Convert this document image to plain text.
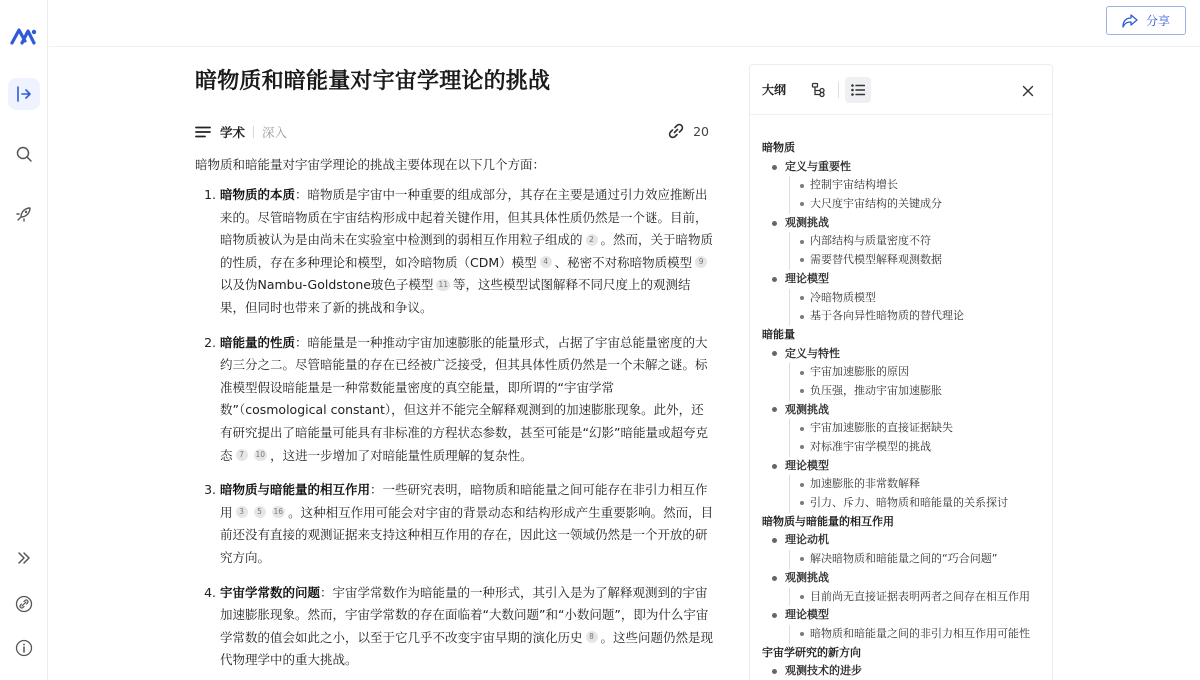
分享
暗物质和暗能量对宇宙学理论的挑战
学术 深入	20
暗物质和暗能量对宇宙学理论的挑战主要体现在以下几个方面：
1. 暗物质的本质：暗物质是宇宙中一种重要的组成部分，其存在主要是通过引力效应推断出来的。尽管暗物质在宇宙结构形成中起着关键作用，但其具体性质仍然是一个谜。目前，暗物质被认为是由尚未在实验室中检测到的弱相互作用粒子组成的 2 。然而，关于暗物质的性质，存在多种理论和模型，如冷暗物质（CDM）模型 4 、秘密不对称暗物质模型 9以及伪Nambu-Goldstone玻色子模型 11 等，这些模型试图解释不同尺度上的观测结果，但同时也带来了新的挑战和争议。
2. 暗能量的性质：暗能量是一种推动宇宙加速膨胀的能量形式，占据了宇宙总能量密度的大约三分之二。尽管暗能量的存在已经被广泛接受，但其具体性质仍然是一个未解之谜。标准模型假设暗能量是一种常数能量密度的真空能量，即所谓的“宇宙学常数”（cosmological constant），但这并不能完全解释观测到的加速膨胀现象。此外，还有研究提出了暗能量可能具有非标准的方程状态参数，甚至可能是“幻影”暗能量或超夸克态 7 10 ，这进一步增加了对暗能量性质理解的复杂性。
3. 暗物质与暗能量的相互作用：一些研究表明，暗物质和暗能量之间可能存在非引力相互作用 3 5 16 。这种相互作用可能会对宇宙的背景动态和结构形成产生重要影响。然而，目前还没有直接的观测证据来支持这种相互作用的存在，因此这一领域仍然是一个开放的研究方向。
4. 宇宙学常数的问题：宇宙学常数作为暗能量的一种形式，其引入是为了解释观测到的宇宙加速膨胀现象。然而，宇宙学常数的存在面临着“大数问题”和“小数问题”，即为什么宇宙学常数的值会如此之小，以至于它几乎不改变宇宙早期的演化历史 8 。这些问题仍然是现代物理学中的重大挑战。
大纲
暗物质
定义与重要性
控制宇宙结构增长
大尺度宇宙结构的关键成分
观测挑战
内部结构与质量密度不符
需要替代模型解释观测数据
理论模型
冷暗物质模型
基于各向异性暗物质的替代理论
暗能量
定义与特性
宇宙加速膨胀的原因
负压强，推动宇宙加速膨胀
观测挑战
宇宙加速膨胀的直接证据缺失
对标准宇宙学模型的挑战
理论模型
加速膨胀的非常数解释
引力、斥力、暗物质和暗能量的关系探讨
暗物质与暗能量的相互作用
理论动机
解决暗物质和暗能量之间的“巧合问题”
观测挑战
目前尚无直接证据表明两者之间存在相互作用
理论模型
暗物质和暗能量之间的非引力相互作用可能性
宇宙学研究的新方向
观测技术的进步
